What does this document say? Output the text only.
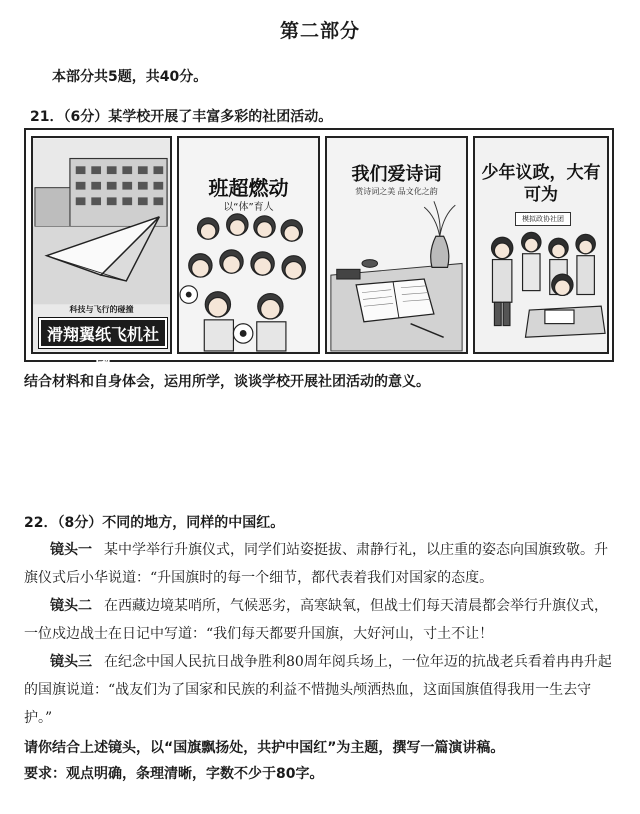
第二部分
本部分共5题，共40分。
21．（6分）某学校开展了丰富多彩的社团活动。
科技与飞行的碰撞
滑翔翼纸飞机社团
班超燃动
以“体”育人
我们爱诗词
赏诗词之美 品文化之韵
少年议政，大有可为
模拟政协社团
结合材料和自身体会，运用所学，谈谈学校开展社团活动的意义。
22．（8分）不同的地方，同样的中国红。
镜头一 某中学举行升旗仪式，同学们站姿挺拔、肃静行礼，以庄重的姿态向国旗致敬。升旗仪式后小华说道：“升国旗时的每一个细节，都代表着我们对国家的态度。
镜头二 在西藏边境某哨所，气候恶劣，高寒缺氧，但战士们每天清晨都会举行升旗仪式，一位戍边战士在日记中写道：“我们每天都要升国旗，大好河山，寸土不让！
镜头三 在纪念中国人民抗日战争胜利80周年阅兵场上，一位年迈的抗战老兵看着冉冉升起的国旗说道：“战友们为了国家和民族的利益不惜抛头颅洒热血，这面国旗值得我用一生去守护。”
请你结合上述镜头，以“国旗飘扬处，共护中国红”为主题，撰写一篇演讲稿。
要求：观点明确，条理清晰，字数不少于80字。
